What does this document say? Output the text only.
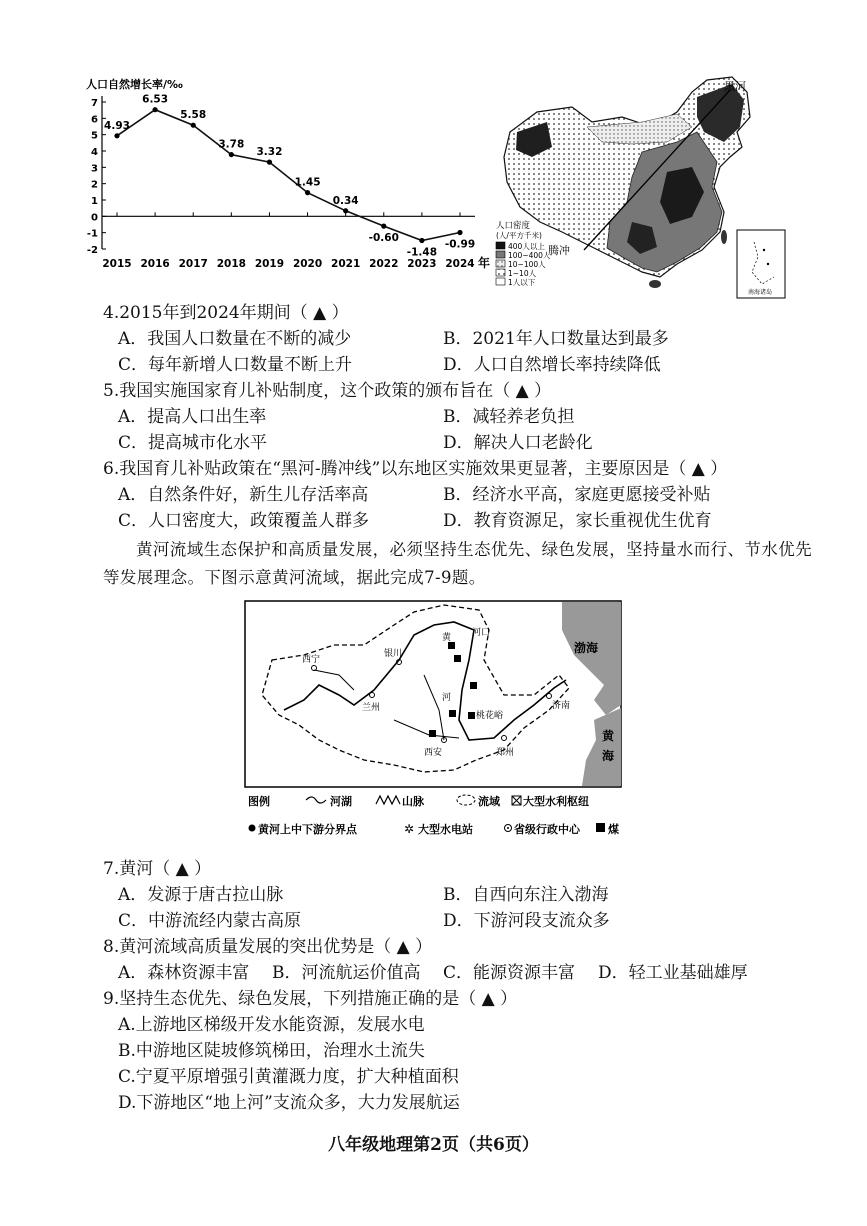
人口自然增长率/‰
7
6
5
4
3
2
1
0
-1
-2
2015 2016 2017 2018 2019 2020 2021 2022 2023 2024
4.93
6.53
5.58
3.78
3.32
1.45
0.34
-0.60
-1.48
-0.99
年
黑河
腾冲
人口密度
(人/平方千米)
400人以上
100~400人
10~100人
1~10人
1人以下
南海诸岛
4.2015年到2024年期间（ ▲ ）
A．我国人口数量在不断的减少	B．2021年人口数量达到最多
C．每年新增人口数量不断上升	D．人口自然增长率持续降低
5.我国实施国家育儿补贴制度，这个政策的颁布旨在（ ▲ ）
A．提高人口出生率	B．减轻养老负担
C．提高城市化水平	D．解决人口老龄化
6.我国育儿补贴政策在“黑河-腾冲线”以东地区实施效果更显著，主要原因是（ ▲ ）
A．自然条件好，新生儿存活率高	B．经济水平高，家庭更愿接受补贴
C．人口密度大，政策覆盖人群多	D．教育资源足，家长重视优生优育
黄河流域生态保护和高质量发展，必须坚持生态优先、绿色发展，坚持量水而行、节水优先等发展理念。下图示意黄河流域，据此完成7-9题。
渤海
黄
海
西宁
银川
兰州
黄 河口
河
桃花峪
济南
西安	郑州
图例	河湖	山脉	流域 大型水利枢纽
黄河上中下游分界点	✲ 大型水电站	省级行政中心	煤
7.黄河（ ▲ ）
A．发源于唐古拉山脉	B．自西向东注入渤海
C．中游流经内蒙古高原	D．下游河段支流众多
8.黄河流域高质量发展的突出优势是（ ▲ ）
A．森林资源丰富 B．河流航运价值高 C．能源资源丰富 D．轻工业基础雄厚
9.坚持生态优先、绿色发展，下列措施正确的是（ ▲ ）
A.上游地区梯级开发水能资源，发展水电
B.中游地区陡坡修筑梯田，治理水土流失
C.宁夏平原增强引黄灌溉力度，扩大种植面积
D.下游地区“地上河”支流众多，大力发展航运
八年级地理第2页（共6页）
